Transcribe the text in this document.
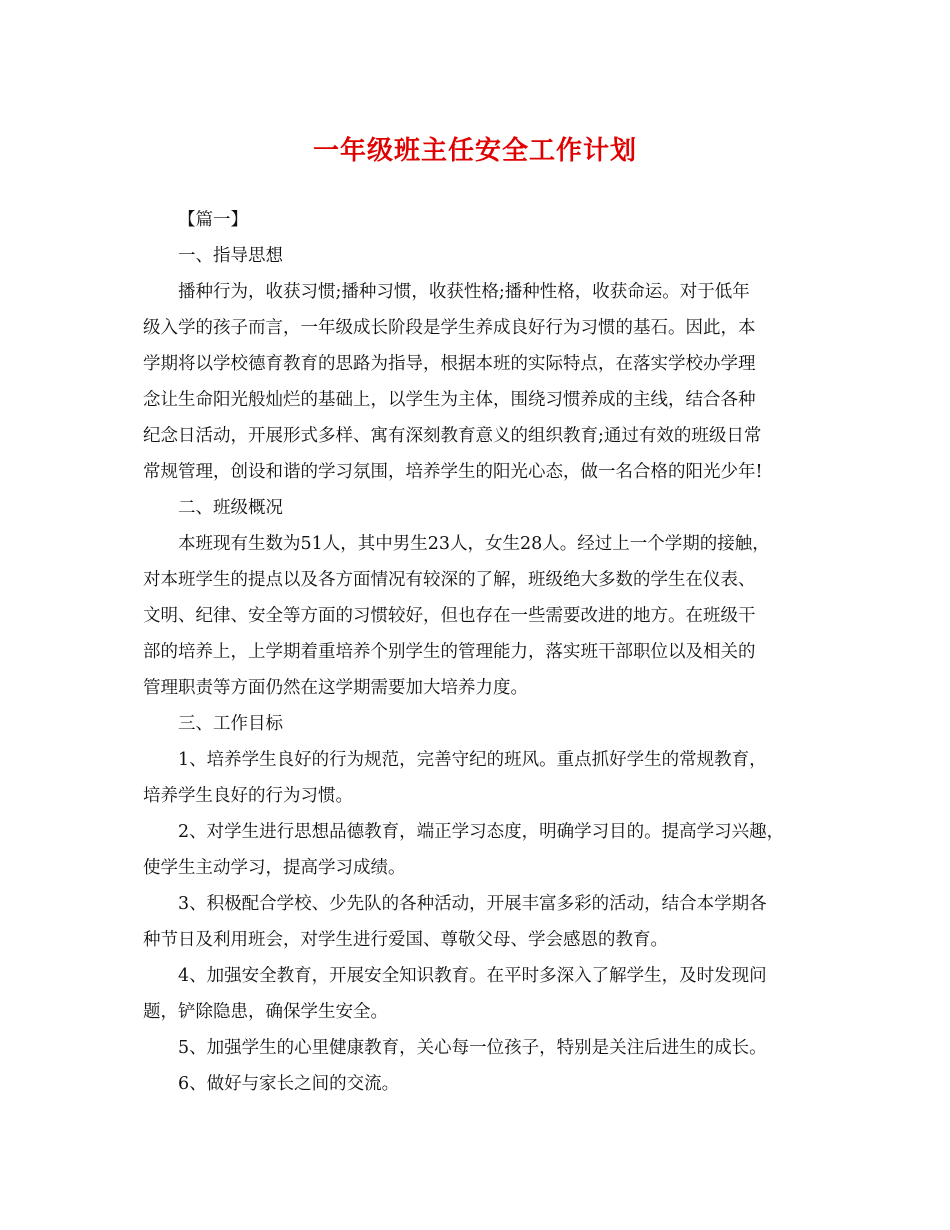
一年级班主任安全工作计划
【篇一】
一、指导思想
播种行为，收获习惯;播种习惯，收获性格;播种性格，收获命运。对于低年
级入学的孩子而言，一年级成长阶段是学生养成良好行为习惯的基石。因此，本
学期将以学校德育教育的思路为指导，根据本班的实际特点，在落实学校办学理
念让生命阳光般灿烂的基础上，以学生为主体，围绕习惯养成的主线，结合各种
纪念日活动，开展形式多样、寓有深刻教育意义的组织教育;通过有效的班级日常
常规管理，创设和谐的学习氛围，培养学生的阳光心态，做一名合格的阳光少年!
二、班级概况
本班现有生数为51人，其中男生23人，女生28人。经过上一个学期的接触，
对本班学生的提点以及各方面情况有较深的了解，班级绝大多数的学生在仪表、
文明、纪律、安全等方面的习惯较好，但也存在一些需要改进的地方。在班级干
部的培养上，上学期着重培养个别学生的管理能力，落实班干部职位以及相关的
管理职责等方面仍然在这学期需要加大培养力度。
三、工作目标
1、培养学生良好的行为规范，完善守纪的班风。重点抓好学生的常规教育，
培养学生良好的行为习惯。
2、对学生进行思想品德教育，端正学习态度，明确学习目的。提高学习兴趣，
使学生主动学习，提高学习成绩。
3、积极配合学校、少先队的各种活动，开展丰富多彩的活动，结合本学期各
种节日及利用班会，对学生进行爱国、尊敬父母、学会感恩的教育。
4、加强安全教育，开展安全知识教育。在平时多深入了解学生，及时发现问
题，铲除隐患，确保学生安全。
5、加强学生的心里健康教育，关心每一位孩子，特别是关注后进生的成长。
6、做好与家长之间的交流。
